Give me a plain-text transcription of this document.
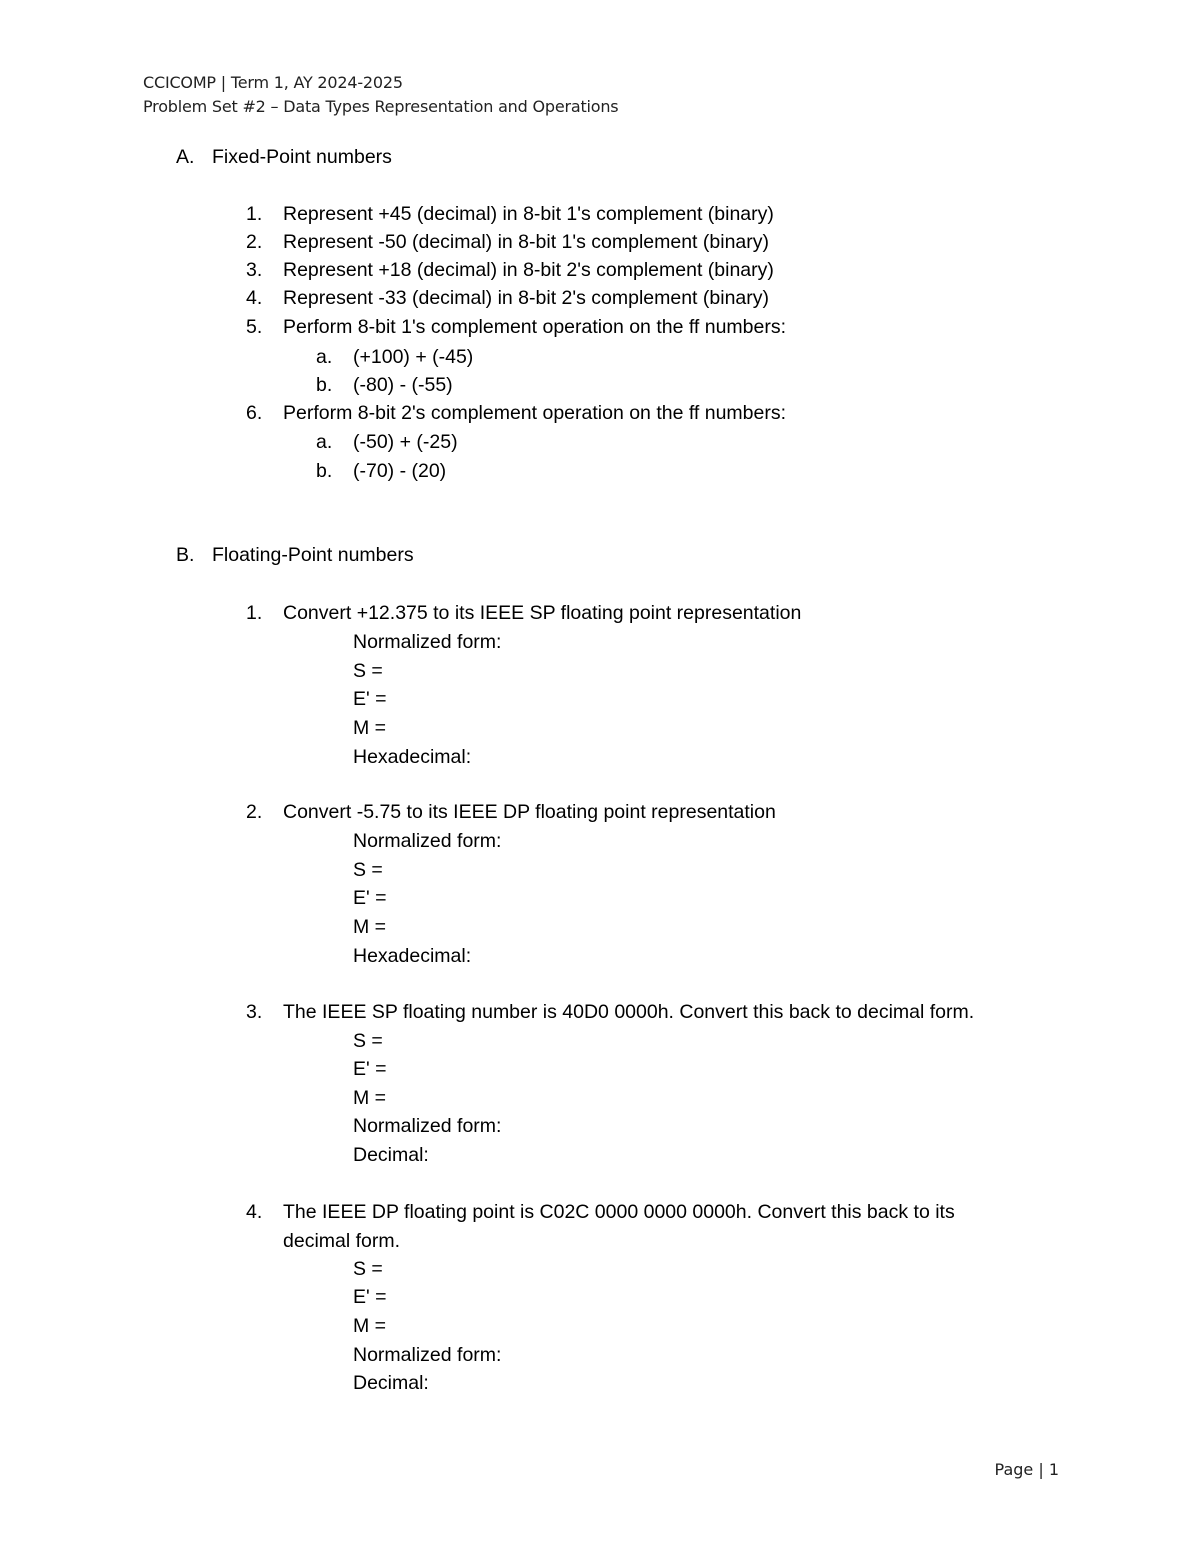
CCICOMP | Term 1, AY 2024-2025
Problem Set #2 – Data Types Representation and Operations
A. Fixed-Point numbers
1. Represent +45 (decimal) in 8-bit 1's complement (binary)
2. Represent -50 (decimal) in 8-bit 1's complement (binary)
3. Represent +18 (decimal) in 8-bit 2's complement (binary)
4. Represent -33 (decimal) in 8-bit 2's complement (binary)
5. Perform 8-bit 1's complement operation on the ff numbers:
a. (+100) + (-45)
b. (-80) - (-55)
6. Perform 8-bit 2's complement operation on the ff numbers:
a. (-50) + (-25)
b. (-70) - (20)
B. Floating-Point numbers
1. Convert +12.375 to its IEEE SP floating point representation
Normalized form:
S =
E' =
M =
Hexadecimal:
2. Convert -5.75 to its IEEE DP floating point representation
Normalized form:
S =
E' =
M =
Hexadecimal:
3. The IEEE SP floating number is 40D0 0000h. Convert this back to decimal form.
S =
E' =
M =
Normalized form:
Decimal:
4. The IEEE DP floating point is C02C 0000 0000 0000h. Convert this back to its
decimal form.
S =
E' =
M =
Normalized form:
Decimal:
Page | 1
